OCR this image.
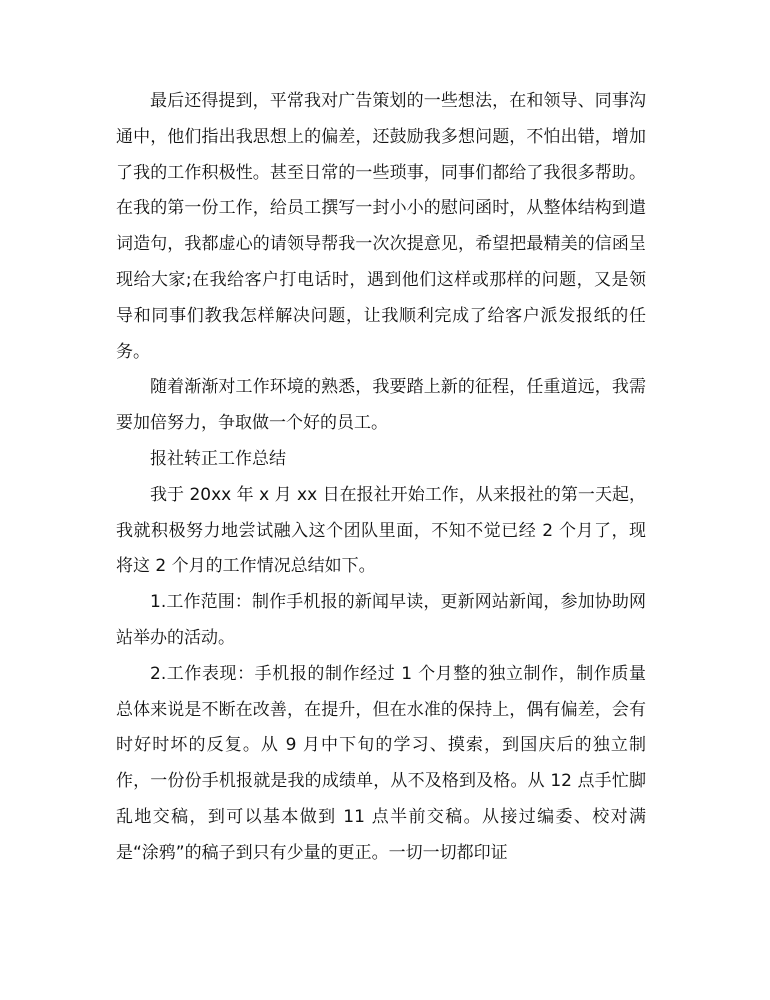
最后还得提到，平常我对广告策划的一些想法，在和领导、同事沟通中，他们指出我思想上的偏差，还鼓励我多想问题，不怕出错，增加了我的工作积极性。甚至日常的一些琐事，同事们都给了我很多帮助。在我的第一份工作，给员工撰写一封小小的慰问函时，从整体结构到遣词造句，我都虚心的请领导帮我一次次提意见，希望把最精美的信函呈现给大家;在我给客户打电话时，遇到他们这样或那样的问题，又是领导和同事们教我怎样解决问题，让我顺利完成了给客户派发报纸的任务。

随着渐渐对工作环境的熟悉，我要踏上新的征程，任重道远，我需要加倍努力，争取做一个好的员工。

报社转正工作总结

我于 20xx 年 x 月 xx 日在报社开始工作，从来报社的第一天起，我就积极努力地尝试融入这个团队里面，不知不觉已经 2 个月了，现将这 2 个月的工作情况总结如下。

1.工作范围：制作手机报的新闻早读，更新网站新闻，参加协助网站举办的活动。

2.工作表现：手机报的制作经过 1 个月整的独立制作，制作质量总体来说是不断在改善，在提升，但在水准的保持上，偶有偏差，会有时好时坏的反复。从 9 月中下旬的学习、摸索，到国庆后的独立制作，一份份手机报就是我的成绩单，从不及格到及格。从 12 点手忙脚乱地交稿，到可以基本做到 11 点半前交稿。从接过编委、校对满是“涂鸦”的稿子到只有少量的更正。一切一切都印证
